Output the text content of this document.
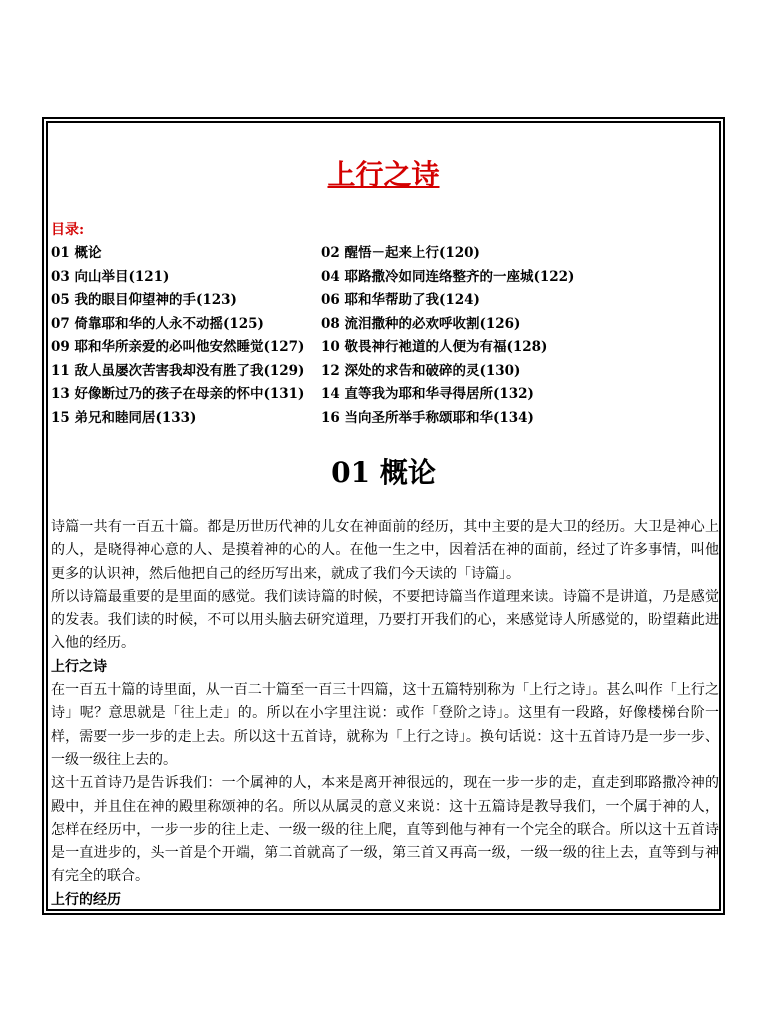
上行之诗
目录:
01 概论	02 醒悟－起来上行(120)
03 向山举目(121)	04 耶路撒冷如同连络整齐的一座城(122)
05 我的眼目仰望神的手(123)	06 耶和华帮助了我(124)
07 倚靠耶和华的人永不动摇(125)	08 流泪撒种的必欢呼收割(126)
09 耶和华所亲爱的必叫他安然睡觉(127)	10 敬畏神行祂道的人便为有福(128)
11 敌人虽屡次苦害我却没有胜了我(129)	12 深处的求告和破碎的灵(130)
13 好像断过乃的孩子在母亲的怀中(131)	14 直等我为耶和华寻得居所(132)
15 弟兄和睦同居(133)	16 当向圣所举手称颂耶和华(134)
01 概论

诗篇一共有一百五十篇。都是历世历代神的儿女在神面前的经历，其中主要的是大卫的经历。大卫是神心上的人，是晓得神心意的人、是摸着神的心的人。在他一生之中，因着活在神的面前，经过了许多事情，叫他更多的认识神，然后他把自己的经历写出来，就成了我们今天读的「诗篇」。

所以诗篇最重要的是里面的感觉。我们读诗篇的时候，不要把诗篇当作道理来读。诗篇不是讲道，乃是感觉的发表。我们读的时候，不可以用头脑去研究道理，乃要打开我们的心，来感觉诗人所感觉的，盼望藉此进入他的经历。

上行之诗

在一百五十篇的诗里面，从一百二十篇至一百三十四篇，这十五篇特别称为「上行之诗」。甚么叫作「上行之诗」呢？意思就是「往上走」的。所以在小字里注说：或作「登阶之诗」。这里有一段路，好像楼梯台阶一样，需要一步一步的走上去。所以这十五首诗，就称为「上行之诗」。换句话说：这十五首诗乃是一步一步、一级一级往上去的。

这十五首诗乃是告诉我们：一个属神的人，本来是离开神很远的，现在一步一步的走，直走到耶路撒冷神的殿中，并且住在神的殿里称颂神的名。所以从属灵的意义来说：这十五篇诗是教导我们，一个属于神的人，怎样在经历中，一步一步的往上走、一级一级的往上爬，直等到他与神有一个完全的联合。所以这十五首诗是一直进步的，头一首是个开端，第二首就高了一级，第三首又再高一级，一级一级的往上去，直等到与神有完全的联合。

上行的经历
